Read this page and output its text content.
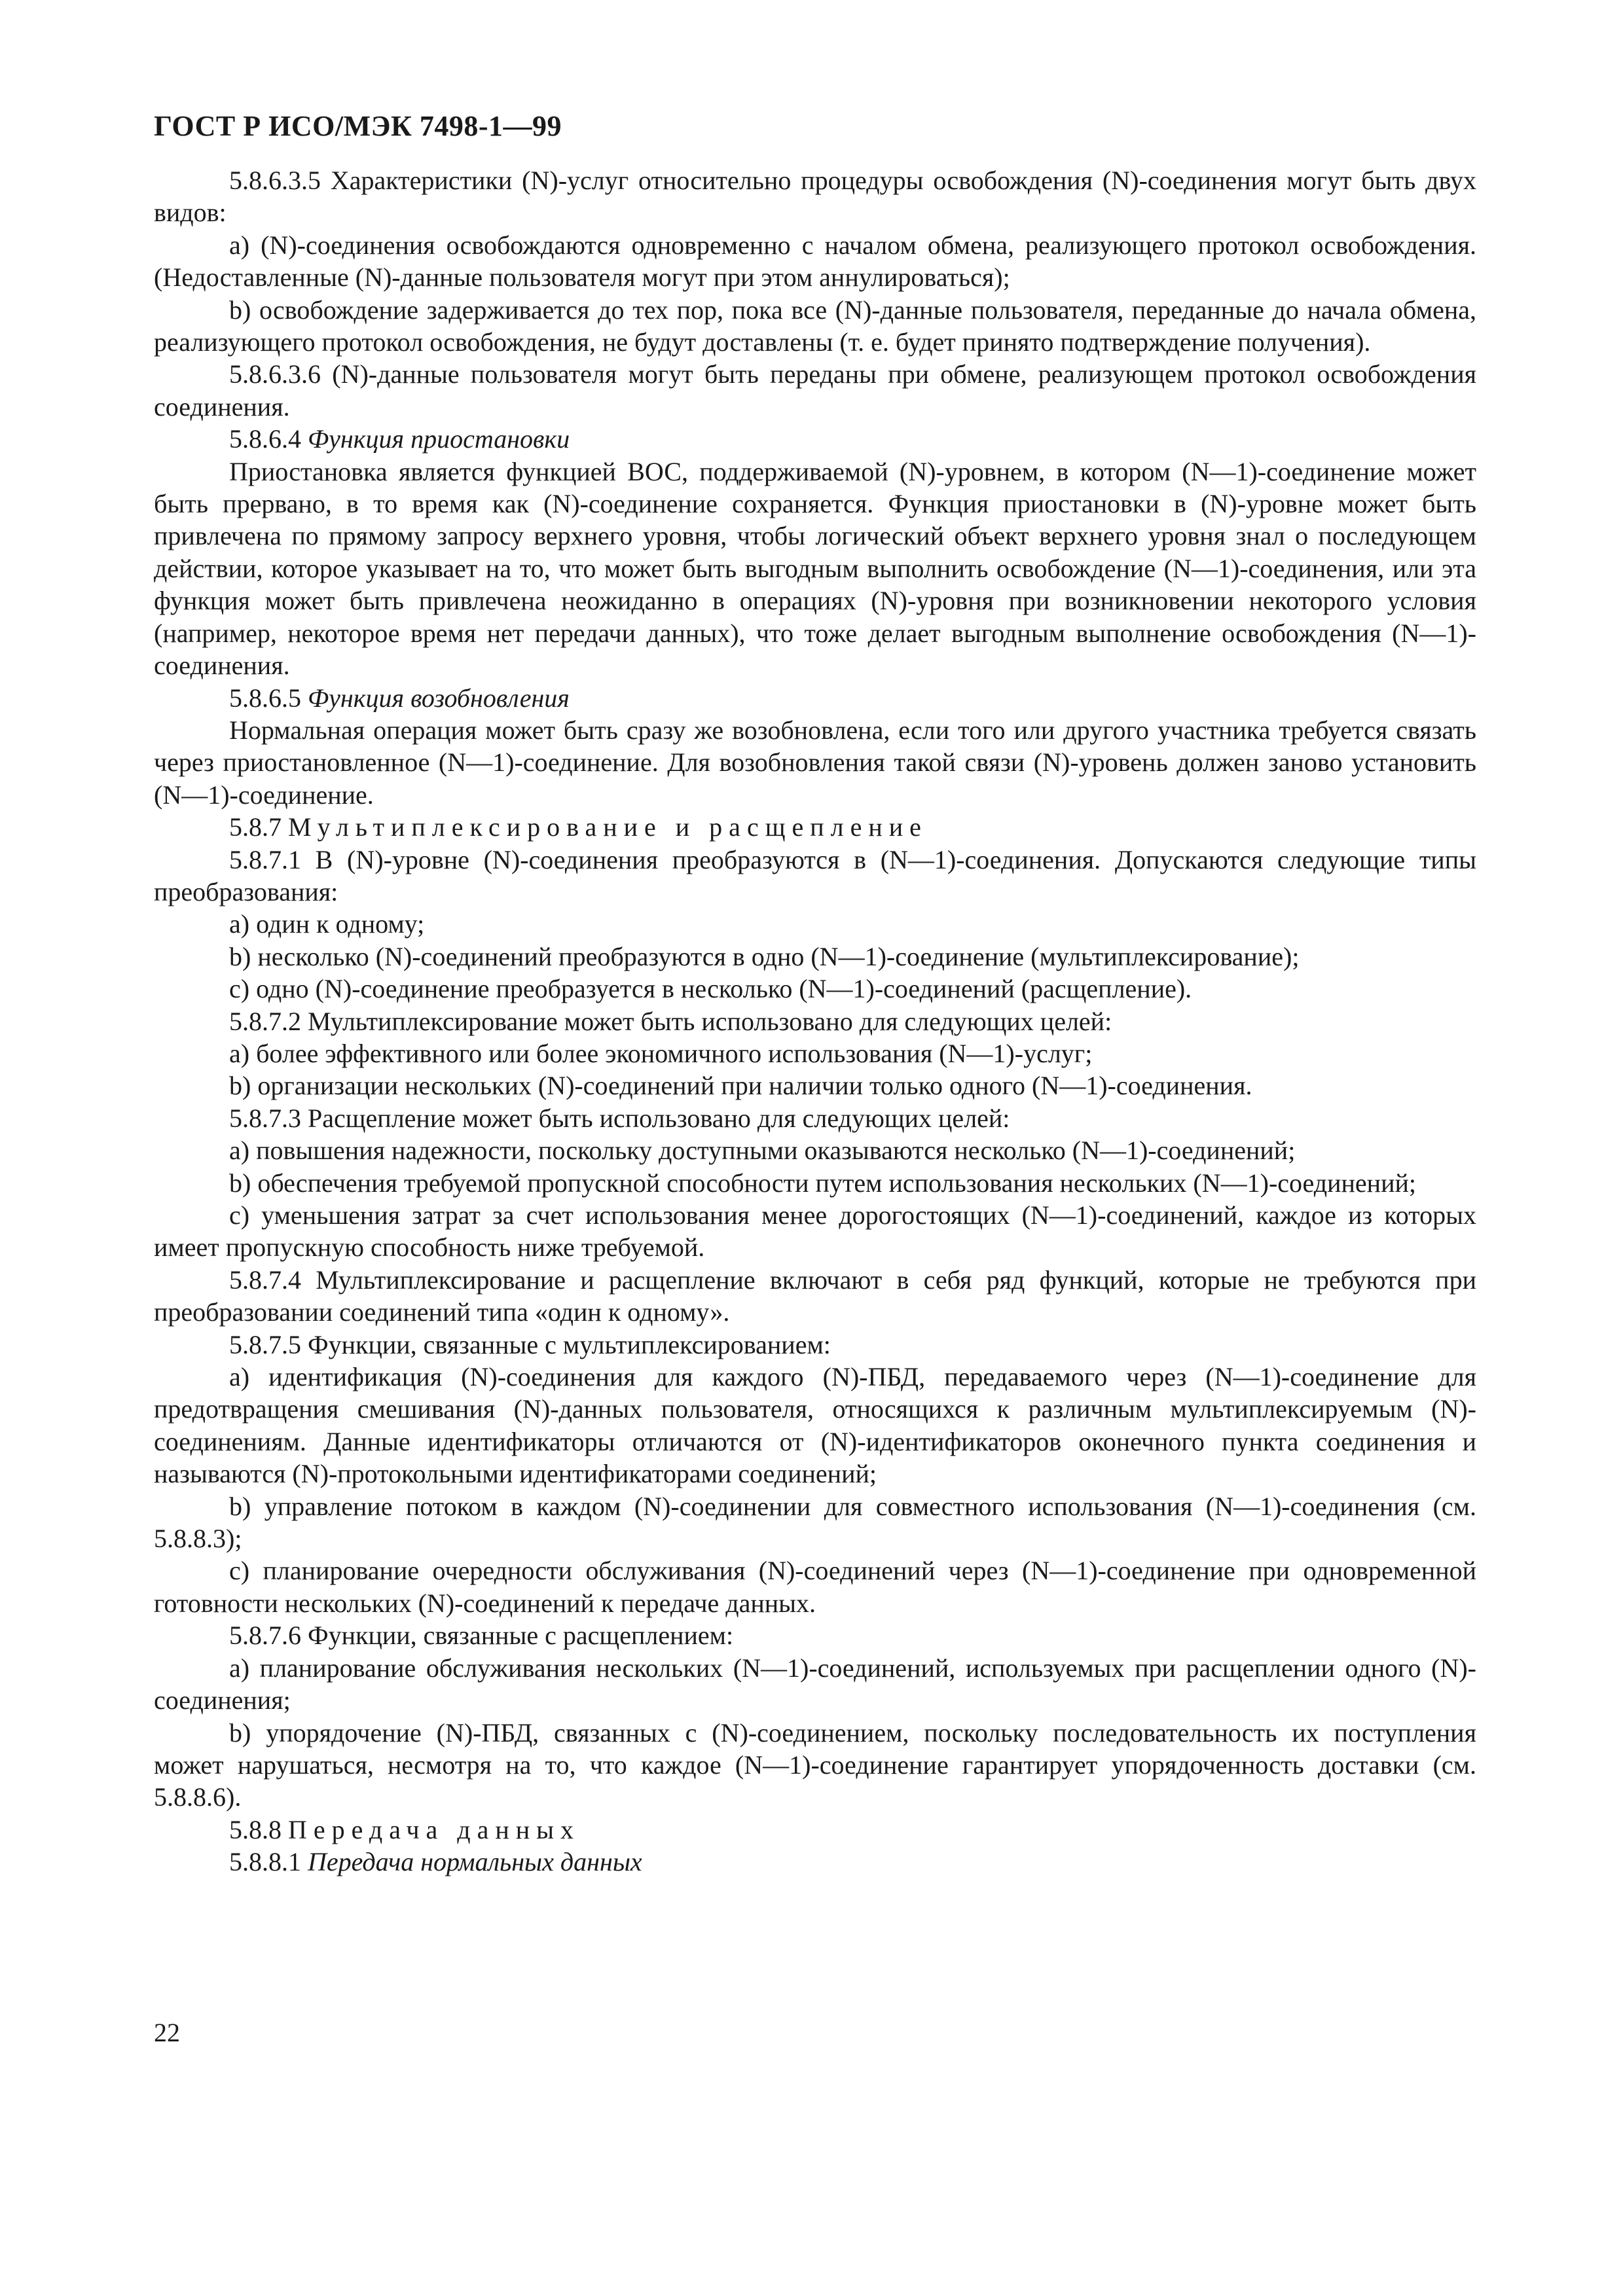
ГОСТ Р ИСО/МЭК 7498-1—99

5.8.6.3.5 Характеристики (N)-услуг относительно процедуры освобождения (N)-соединения могут быть двух видов:

a) (N)-соединения освобождаются одновременно с началом обмена, реализующего протокол освобождения. (Недоставленные (N)-данные пользователя могут при этом аннулироваться);

b) освобождение задерживается до тех пор, пока все (N)-данные пользователя, переданные до начала обмена, реализующего протокол освобождения, не будут доставлены (т. е. будет принято подтверждение получения).

5.8.6.3.6 (N)-данные пользователя могут быть переданы при обмене, реализующем протокол освобождения соединения.

5.8.6.4 Функция приостановки

Приостановка является функцией ВОС, поддерживаемой (N)-уровнем, в котором (N—1)-соединение может быть прервано, в то время как (N)-соединение сохраняется. Функция приостановки в (N)-уровне может быть привлечена по прямому запросу верхнего уровня, чтобы логический объект верхнего уровня знал о последующем действии, которое указывает на то, что может быть выгодным выполнить освобождение (N—1)-соединения, или эта функция может быть привлечена неожиданно в операциях (N)-уровня при возникновении некоторого условия (например, некоторое время нет передачи данных), что тоже делает выгодным выполнение освобождения (N—1)-соединения.

5.8.6.5 Функция возобновления

Нормальная операция может быть сразу же возобновлена, если того или другого участника требуется связать через приостановленное (N—1)-соединение. Для возобновления такой связи (N)-уровень должен заново установить (N—1)-соединение.

5.8.7 Мультиплексирование и расщепление

5.8.7.1 В (N)-уровне (N)-соединения преобразуются в (N—1)-соединения. Допускаются следующие типы преобразования:

a) один к одному;

b) несколько (N)-соединений преобразуются в одно (N—1)-соединение (мультиплексирование);

c) одно (N)-соединение преобразуется в несколько (N—1)-соединений (расщепление).

5.8.7.2 Мультиплексирование может быть использовано для следующих целей:

a) более эффективного или более экономичного использования (N—1)-услуг;

b) организации нескольких (N)-соединений при наличии только одного (N—1)-соединения.

5.8.7.3 Расщепление может быть использовано для следующих целей:

a) повышения надежности, поскольку доступными оказываются несколько (N—1)-соединений;

b) обеспечения требуемой пропускной способности путем использования нескольких (N—1)-соединений;

c) уменьшения затрат за счет использования менее дорогостоящих (N—1)-соединений, каждое из которых имеет пропускную способность ниже требуемой.

5.8.7.4 Мультиплексирование и расщепление включают в себя ряд функций, которые не требуются при преобразовании соединений типа «один к одному».

5.8.7.5 Функции, связанные с мультиплексированием:

a) идентификация (N)-соединения для каждого (N)-ПБД, передаваемого через (N—1)-соединение для предотвращения смешивания (N)-данных пользователя, относящихся к различным мультиплексируемым (N)-соединениям. Данные идентификаторы отличаются от (N)-идентификаторов оконечного пункта соединения и называются (N)-протокольными идентификаторами соединений;

b) управление потоком в каждом (N)-соединении для совместного использования (N—1)-соединения (см. 5.8.8.3);

c) планирование очередности обслуживания (N)-соединений через (N—1)-соединение при одновременной готовности нескольких (N)-соединений к передаче данных.

5.8.7.6 Функции, связанные с расщеплением:

a) планирование обслуживания нескольких (N—1)-соединений, используемых при расщеплении одного (N)-соединения;

b) упорядочение (N)-ПБД, связанных с (N)-соединением, поскольку последовательность их поступления может нарушаться, несмотря на то, что каждое (N—1)-соединение гарантирует упорядоченность доставки (см. 5.8.8.6).

5.8.8 Передача данных

5.8.8.1 Передача нормальных данных

22
